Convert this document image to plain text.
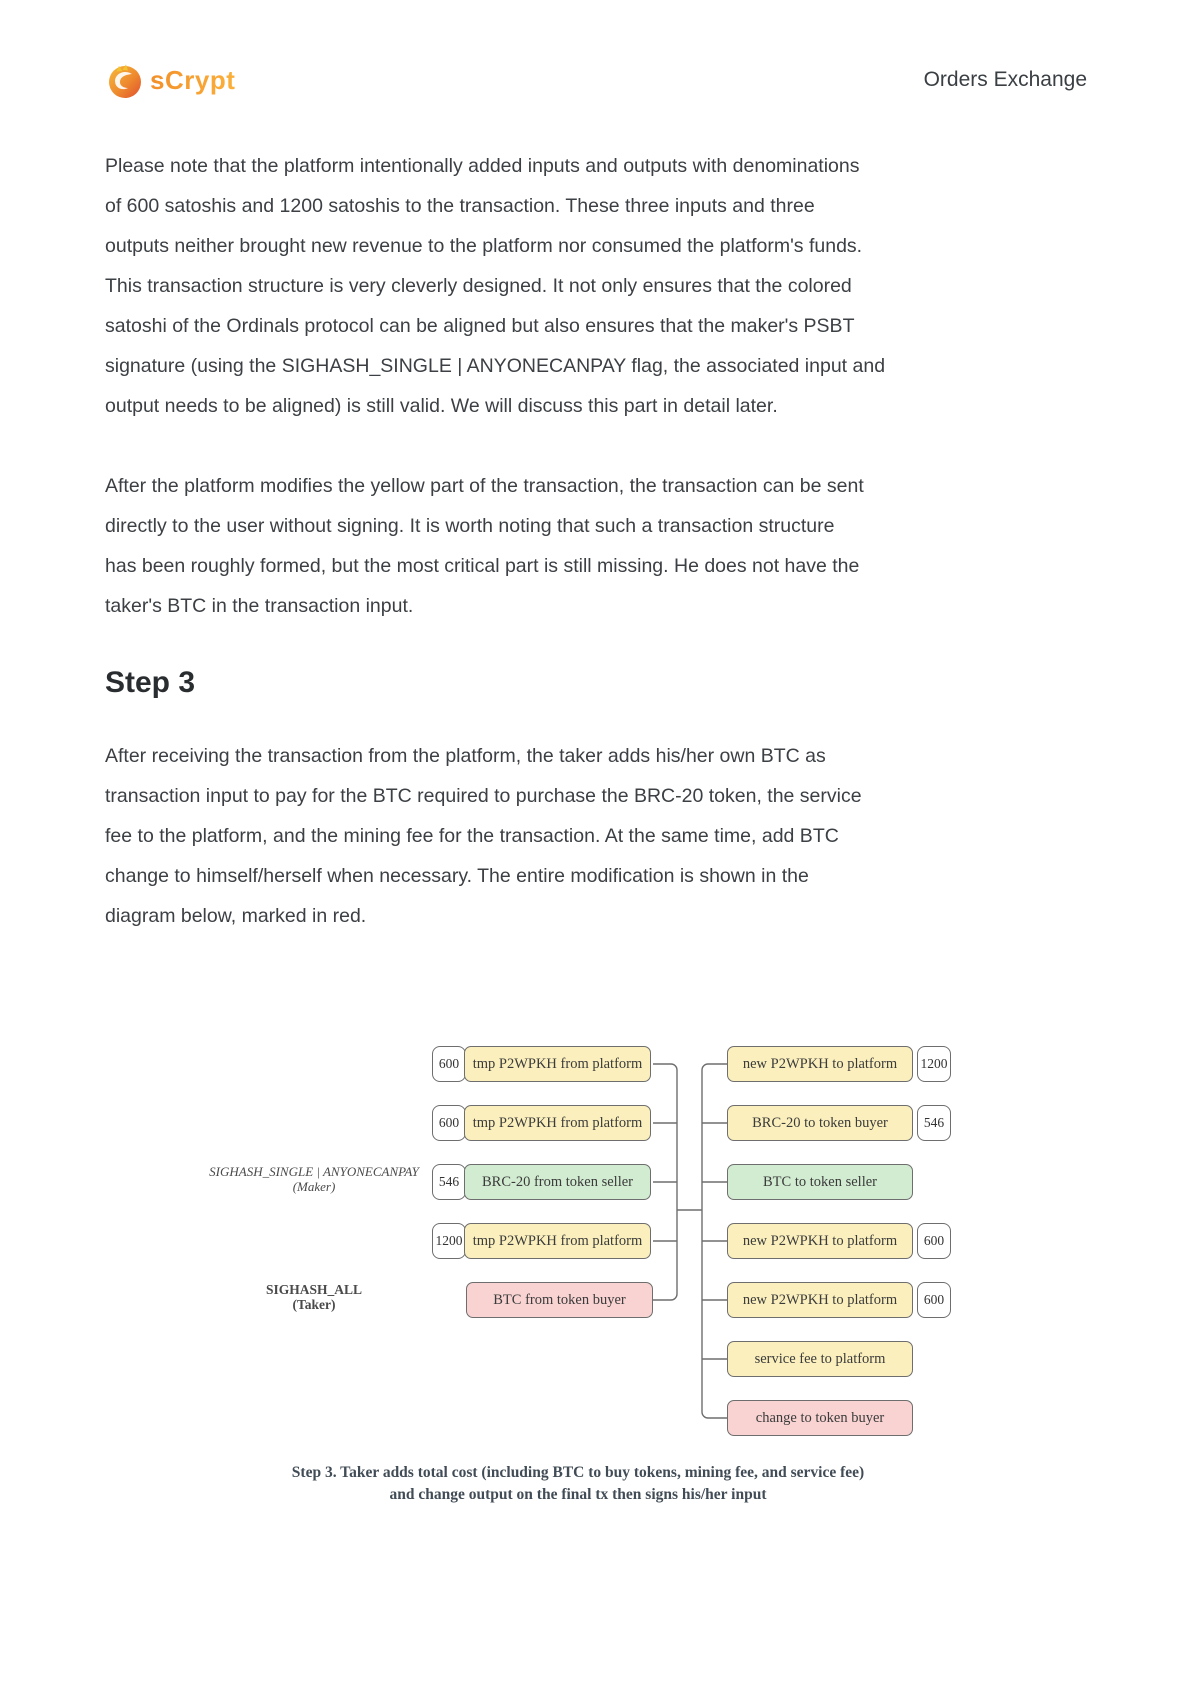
sCrypt	Orders Exchange
Please note that the platform intentionally added inputs and outputs with denominations
of 600 satoshis and 1200 satoshis to the transaction. These three inputs and three
outputs neither brought new revenue to the platform nor consumed the platform's funds.
This transaction structure is very cleverly designed. It not only ensures that the colored
satoshi of the Ordinals protocol can be aligned but also ensures that the maker's PSBT
signature (using the SIGHASH_SINGLE | ANYONECANPAY flag, the associated input and
output needs to be aligned) is still valid. We will discuss this part in detail later.
After the platform modifies the yellow part of the transaction, the transaction can be sent
directly to the user without signing. It is worth noting that such a transaction structure
has been roughly formed, but the most critical part is still missing. He does not have the
taker's BTC in the transaction input.
Step 3
After receiving the transaction from the platform, the taker adds his/her own BTC as
transaction input to pay for the BTC required to purchase the BRC-20 token, the service
fee to the platform, and the mining fee for the transaction. At the same time, add BTC
change to himself/herself when necessary. The entire modification is shown in the
diagram below, marked in red.
SIGHASH_SINGLE | ANYONECANPAY
(Maker)
SIGHASH_ALL
(Taker)
600 tmp P2WPKH from platform
600 tmp P2WPKH from platform
546	BRC-20 from token seller
1200 tmp P2WPKH from platform
BTC from token buyer
new P2WPKH to platform 1200
BRC-20 to token buyer	546
BTC to token seller
new P2WPKH to platform	600
new P2WPKH to platform	600
service fee to platform
change to token buyer
Step 3. Taker adds total cost (including BTC to buy tokens, mining fee, and service fee)
and change output on the final tx then signs his/her input
